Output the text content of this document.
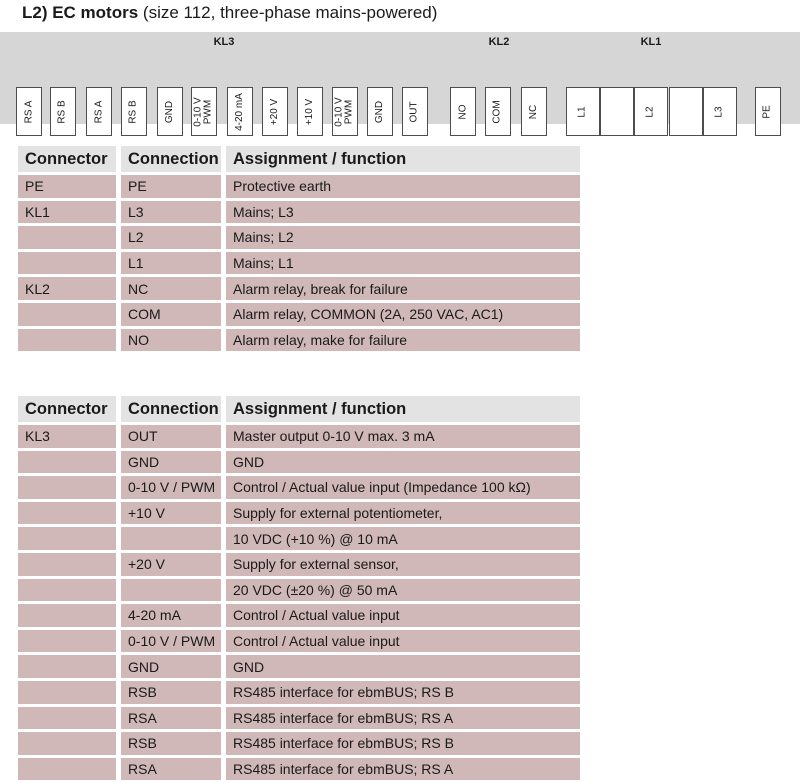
L2) EC motors (size 112, three-phase mains-powered)
KL3	KL2	KL1
RS A RS B RS A RS B GND 0-10 V
PWM 4-20 mA +20 V +10 V 0-10 V
PWM GND OUT	NO COM NC	L1	L2	L3	PE
Connector		Connection		Assignment / function
PE		PE		Protective earth
KL1		L3		Mains; L3
		L2		Mains; L2
		L1		Mains; L1
KL2		NC		Alarm relay, break for failure
		COM		Alarm relay, COMMON (2A, 250 VAC, AC1)
		NO		Alarm relay, make for failure
Connector		Connection		Assignment / function
KL3		OUT		Master output 0-10 V max. 3 mA
		GND		GND
		0-10 V / PWM		Control / Actual value input (Impedance 100 kΩ)
		+10 V		Supply for external potentiometer,
				10 VDC (+10 %) @ 10 mA
		+20 V		Supply for external sensor,
				20 VDC (±20 %) @ 50 mA
		4-20 mA		Control / Actual value input
		0-10 V / PWM		Control / Actual value input
		GND		GND
		RSB		RS485 interface for ebmBUS; RS B
		RSA		RS485 interface for ebmBUS; RS A
		RSB		RS485 interface for ebmBUS; RS B
		RSA		RS485 interface for ebmBUS; RS A
